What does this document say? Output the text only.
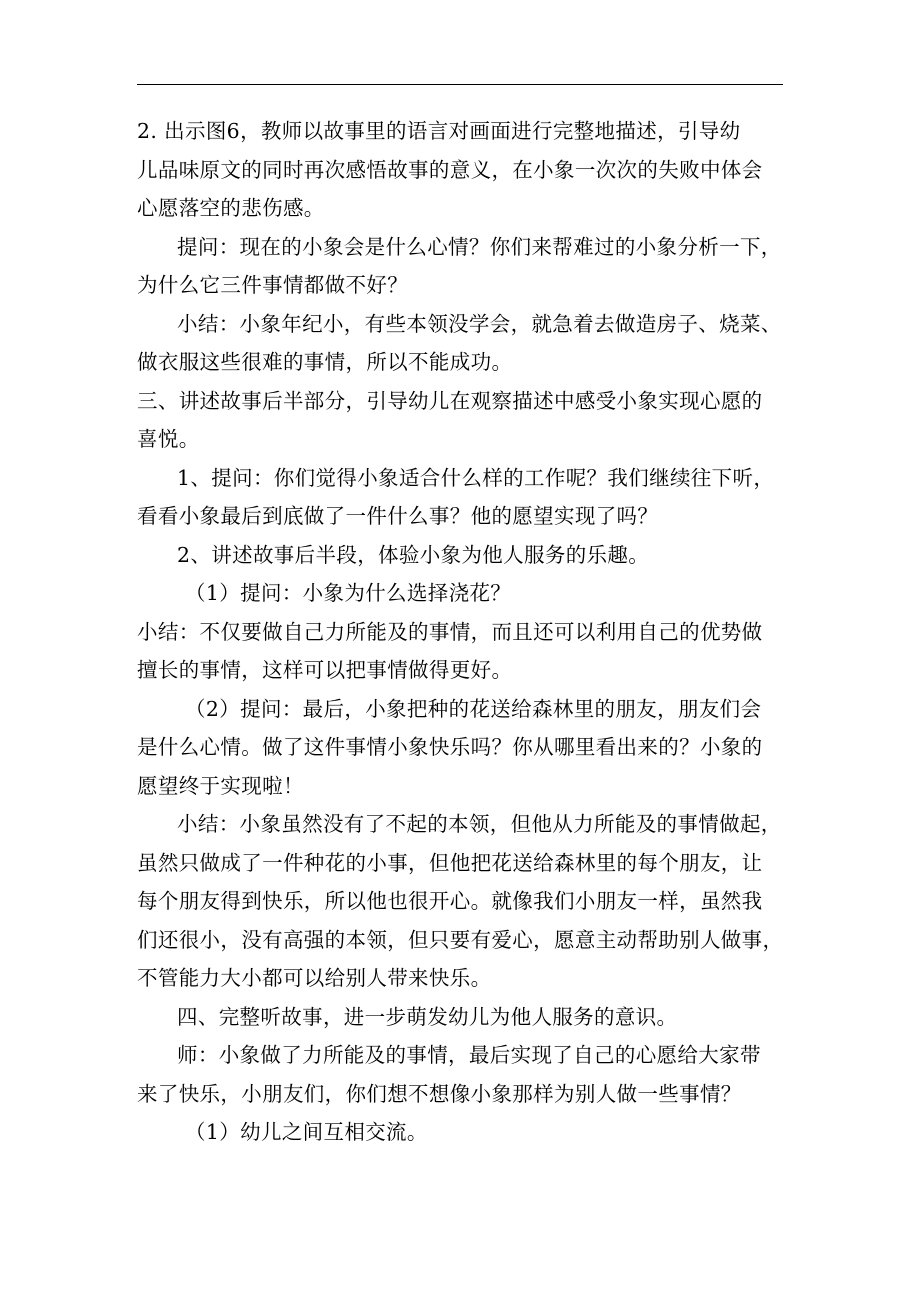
2. 出示图6，教师以故事里的语言对画面进行完整地描述，引导幼
儿品味原文的同时再次感悟故事的意义，在小象一次次的失败中体会
心愿落空的悲伤感。
提问：现在的小象会是什么心情？你们来帮难过的小象分析一下，
为什么它三件事情都做不好？
小结：小象年纪小，有些本领没学会，就急着去做造房子、烧菜、
做衣服这些很难的事情，所以不能成功。
三、讲述故事后半部分，引导幼儿在观察描述中感受小象实现心愿的
喜悦。
1、提问：你们觉得小象适合什么样的工作呢？我们继续往下听，
看看小象最后到底做了一件什么事？他的愿望实现了吗？
2、讲述故事后半段，体验小象为他人服务的乐趣。
（1）提问：小象为什么选择浇花？
小结：不仅要做自己力所能及的事情，而且还可以利用自己的优势做
擅长的事情，这样可以把事情做得更好。
（2）提问：最后，小象把种的花送给森林里的朋友，朋友们会
是什么心情。做了这件事情小象快乐吗？你从哪里看出来的？小象的
愿望终于实现啦！
小结：小象虽然没有了不起的本领，但他从力所能及的事情做起，
虽然只做成了一件种花的小事，但他把花送给森林里的每个朋友，让
每个朋友得到快乐，所以他也很开心。就像我们小朋友一样，虽然我
们还很小，没有高强的本领，但只要有爱心，愿意主动帮助别人做事，
不管能力大小都可以给别人带来快乐。
四、完整听故事，进一步萌发幼儿为他人服务的意识。
师：小象做了力所能及的事情，最后实现了自己的心愿给大家带
来了快乐，小朋友们，你们想不想像小象那样为别人做一些事情？
（1）幼儿之间互相交流。
